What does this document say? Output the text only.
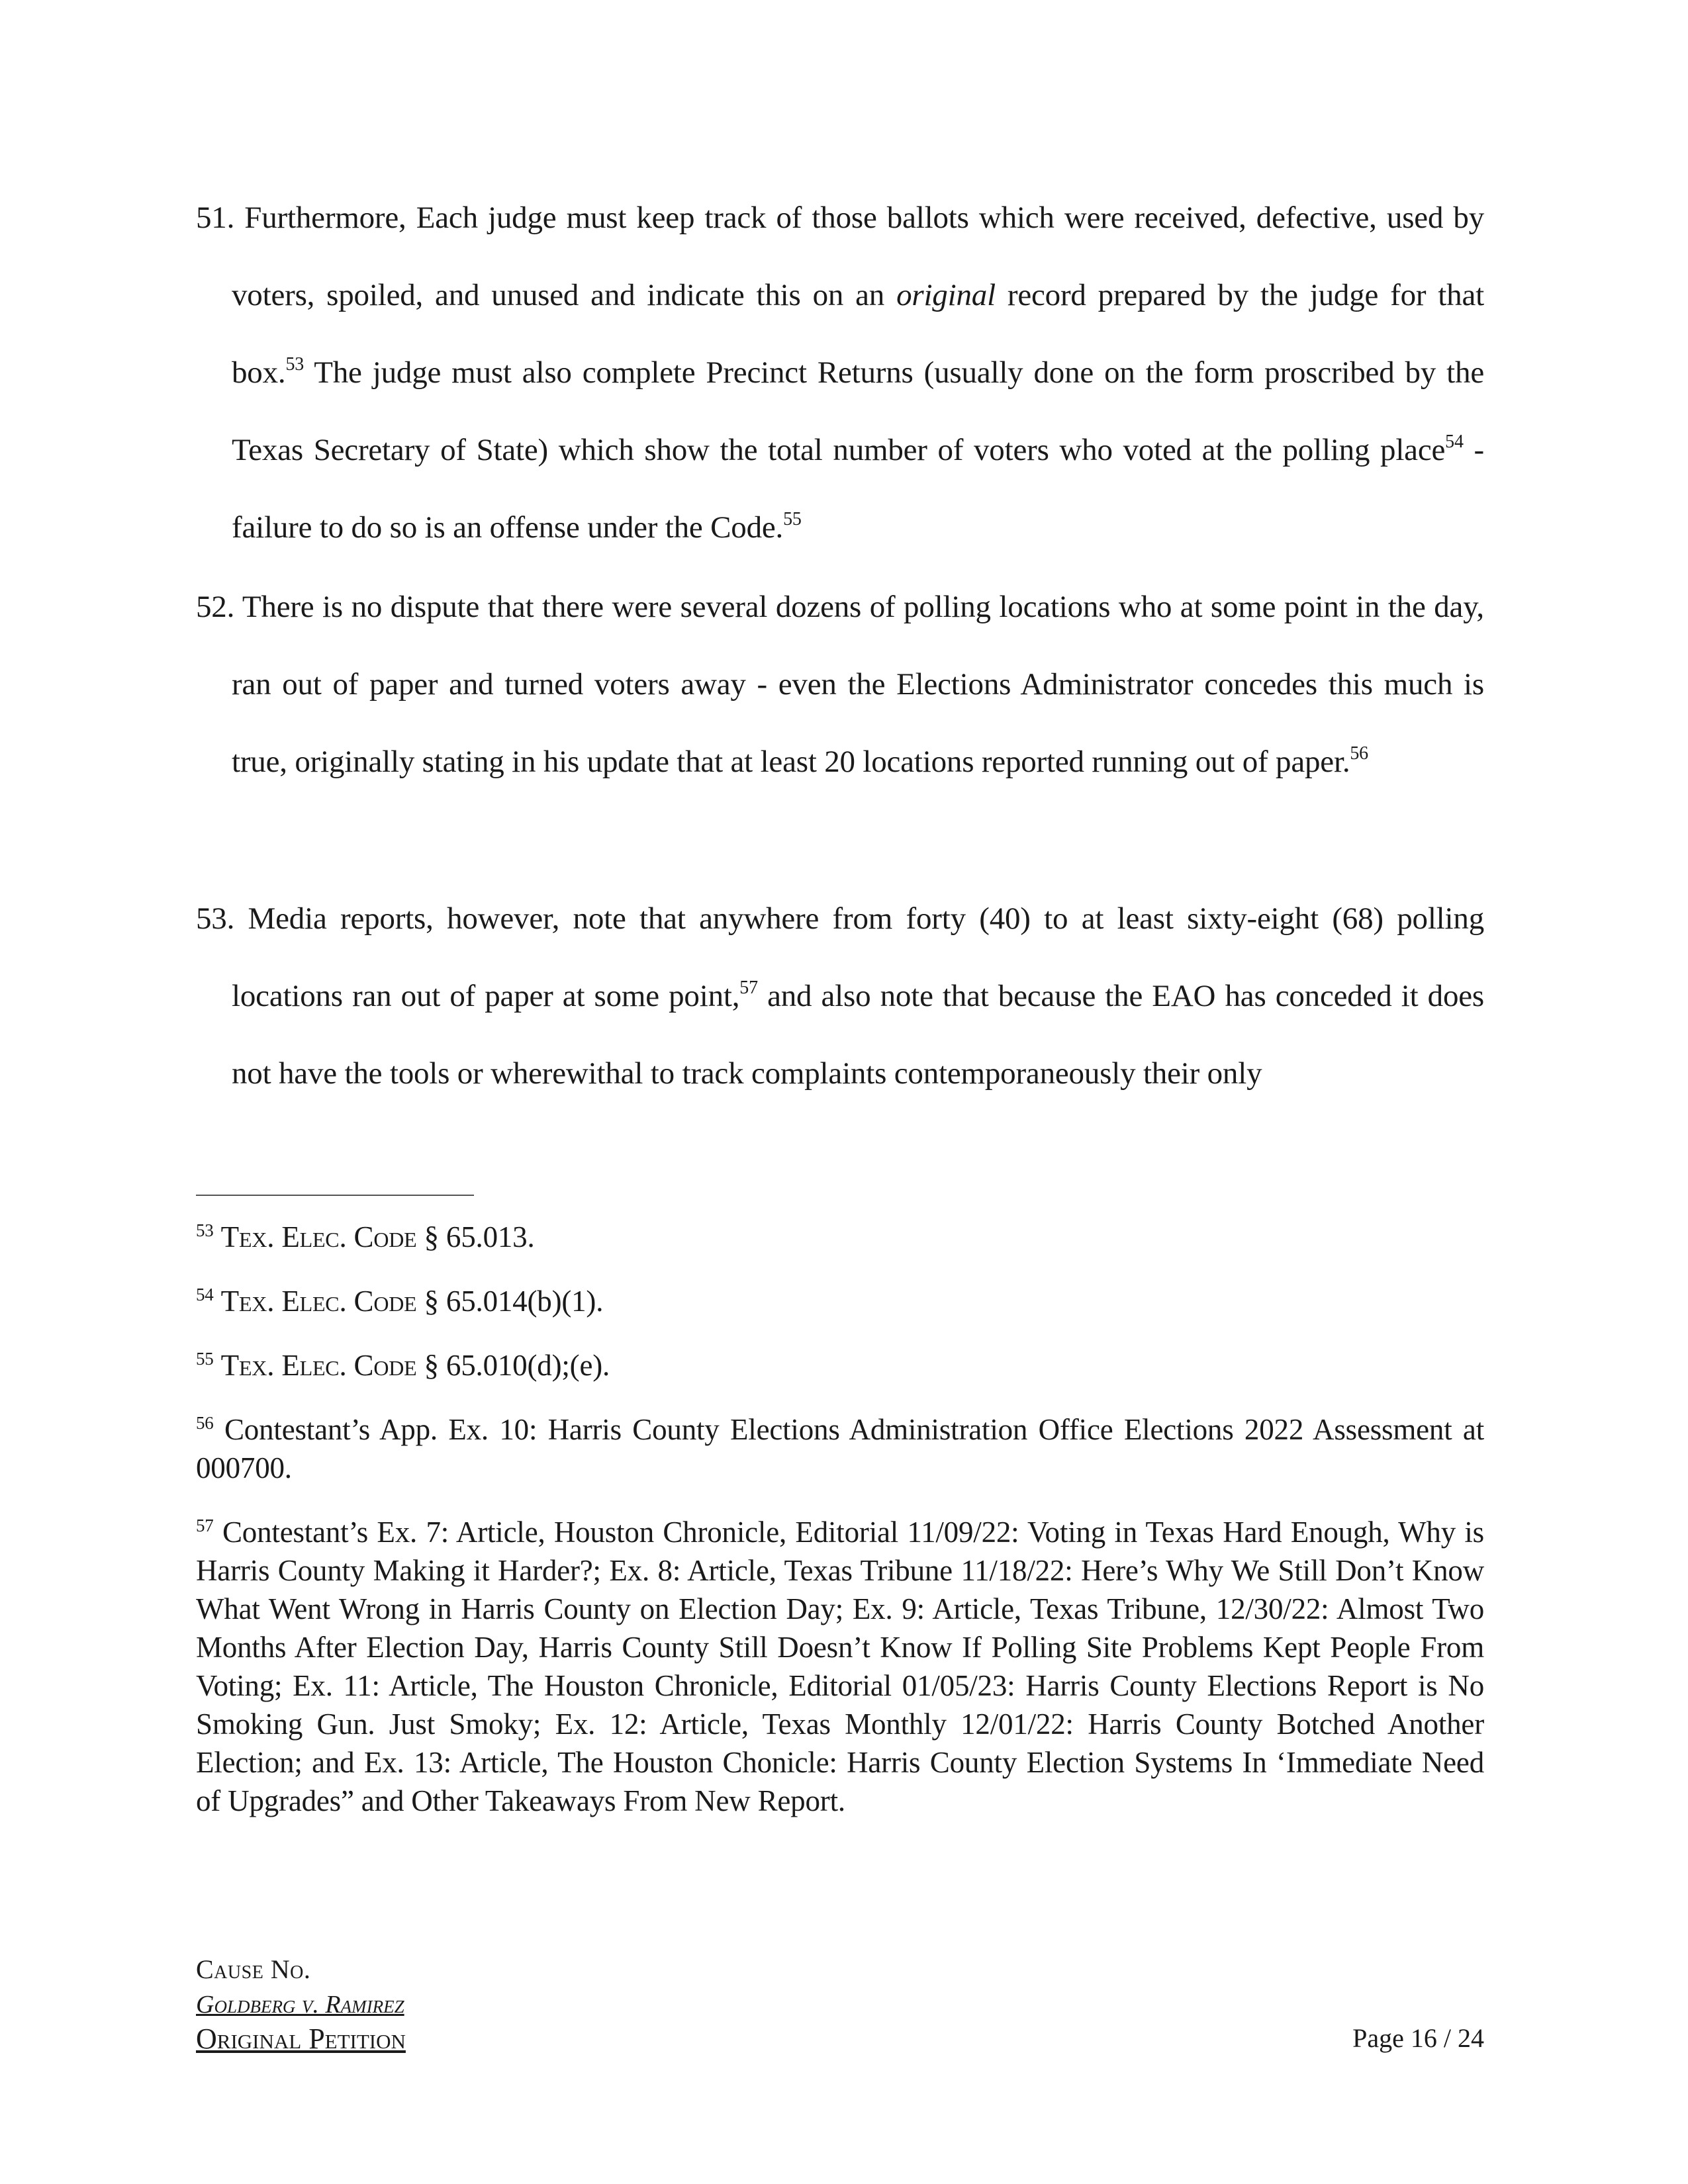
51. Furthermore, Each judge must keep track of those ballots which were received, defective, used by voters, spoiled, and unused and indicate this on an original record prepared by the judge for that box.$^{53}$ The judge must also complete Precinct Returns (usually done on the form proscribed by the Texas Secretary of State) which show the total number of voters who voted at the polling place$^{54}$ - failure to do so is an offense under the Code.$^{55}$
52. There is no dispute that there were several dozens of polling locations who at some point in the day, ran out of paper and turned voters away - even the Elections Administrator concedes this much is true, originally stating in his update that at least 20 locations reported running out of paper.$^{56}$
53. Media reports, however, note that anywhere from forty (40) to at least sixty-eight (68) polling locations ran out of paper at some point,$^{57}$ and also note that because the EAO has conceded it does not have the tools or wherewithal to track complaints contemporaneously their only
$^{53}$ Tex. Elec. Code § 65.013.
$^{54}$ Tex. Elec. Code § 65.014(b)(1).
$^{55}$ Tex. Elec. Code § 65.010(d);(e).
$^{56}$ Contestant’s App. Ex. 10: Harris County Elections Administration Office Elections 2022 Assessment at 000700.
$^{57}$ Contestant’s Ex. 7: Article, Houston Chronicle, Editorial 11/09/22: Voting in Texas Hard Enough, Why is Harris County Making it Harder?; Ex. 8: Article, Texas Tribune 11/18/22: Here’s Why We Still Don’t Know What Went Wrong in Harris County on Election Day; Ex. 9: Article, Texas Tribune, 12/30/22: Almost Two Months After Election Day, Harris County Still Doesn’t Know If Polling Site Problems Kept People From Voting; Ex. 11: Article, The Houston Chronicle, Editorial 01/05/23: Harris County Elections Report is No Smoking Gun. Just Smoky; Ex. 12: Article, Texas Monthly 12/01/22: Harris County Botched Another Election; and Ex. 13: Article, The Houston Chonicle: Harris County Election Systems In ‘Immediate Need of Upgrades” and Other Takeaways From New Report.
Cause No.
Goldberg v. Ramirez
Original Petition	Page 16 / 24
